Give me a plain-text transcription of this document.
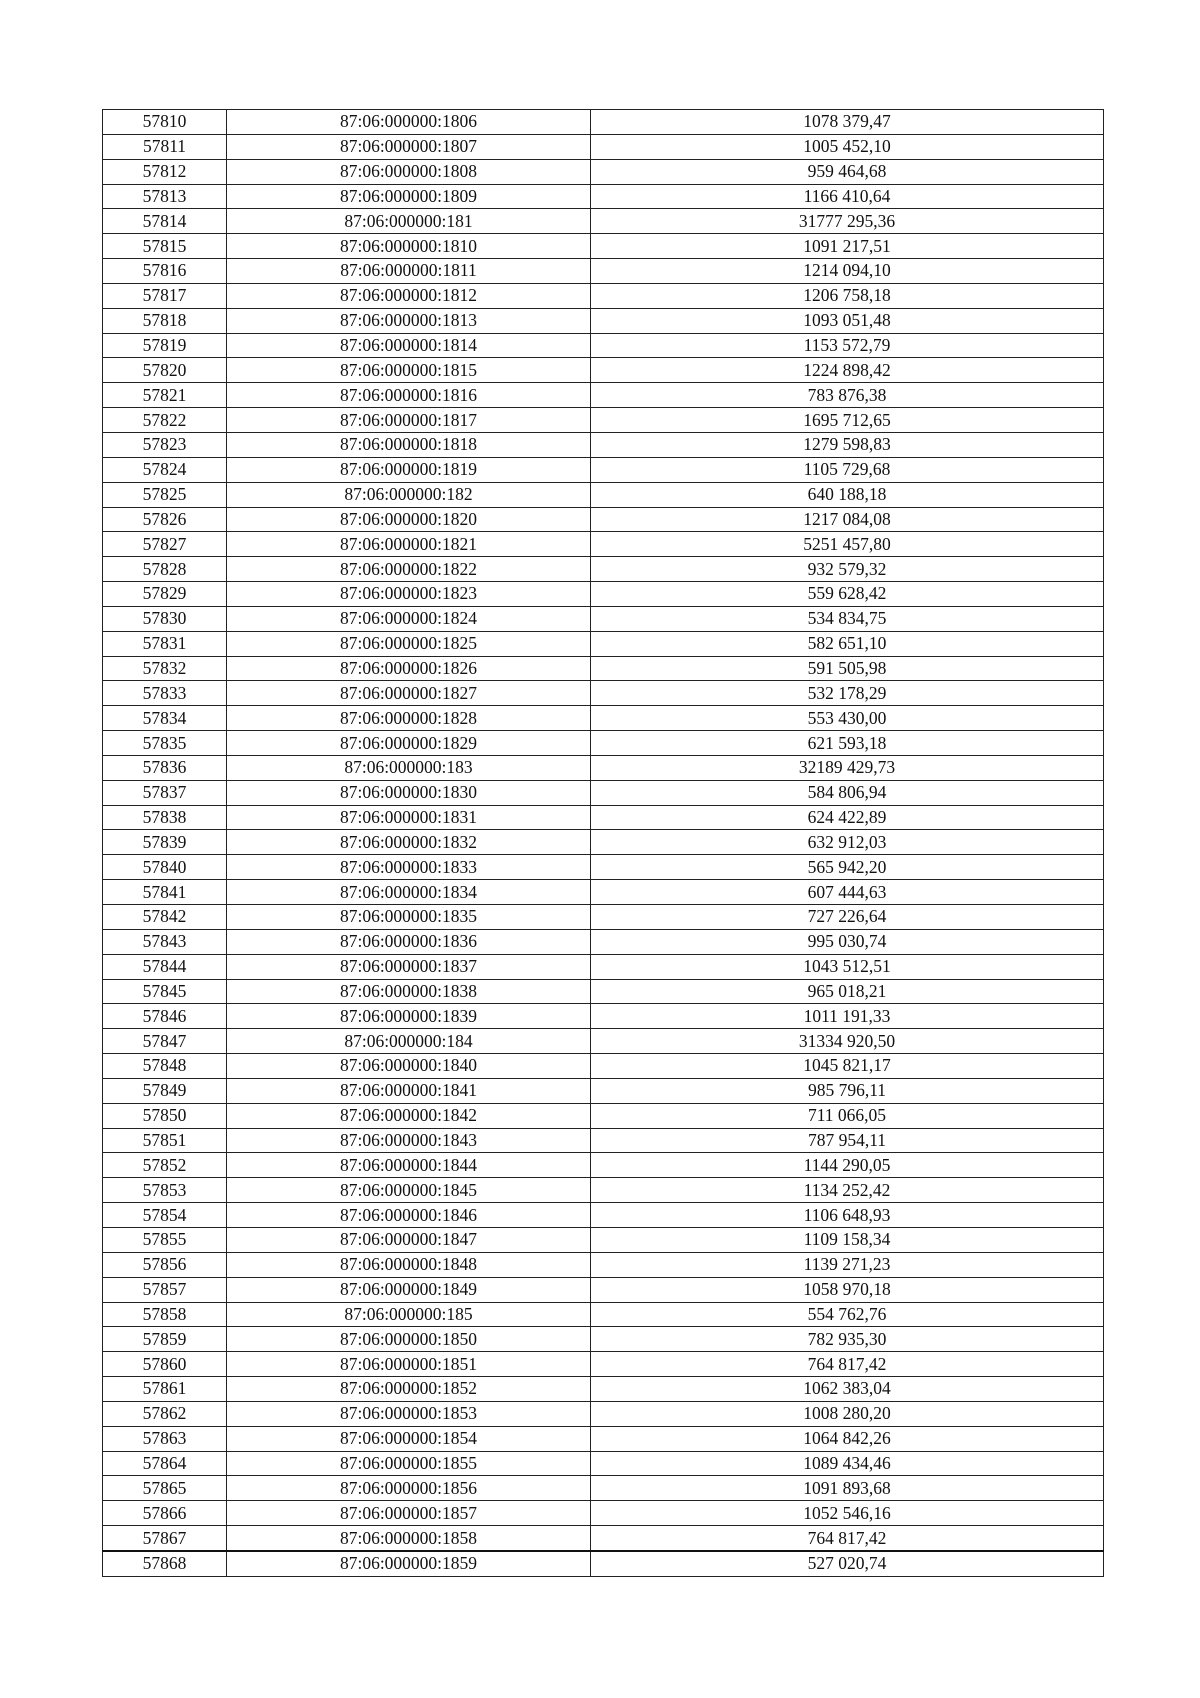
57810	87:06:000000:1806	1078 379,47
57811	87:06:000000:1807	1005 452,10
57812	87:06:000000:1808	959 464,68
57813	87:06:000000:1809	1166 410,64
57814	87:06:000000:181	31777 295,36
57815	87:06:000000:1810	1091 217,51
57816	87:06:000000:1811	1214 094,10
57817	87:06:000000:1812	1206 758,18
57818	87:06:000000:1813	1093 051,48
57819	87:06:000000:1814	1153 572,79
57820	87:06:000000:1815	1224 898,42
57821	87:06:000000:1816	783 876,38
57822	87:06:000000:1817	1695 712,65
57823	87:06:000000:1818	1279 598,83
57824	87:06:000000:1819	1105 729,68
57825	87:06:000000:182	640 188,18
57826	87:06:000000:1820	1217 084,08
57827	87:06:000000:1821	5251 457,80
57828	87:06:000000:1822	932 579,32
57829	87:06:000000:1823	559 628,42
57830	87:06:000000:1824	534 834,75
57831	87:06:000000:1825	582 651,10
57832	87:06:000000:1826	591 505,98
57833	87:06:000000:1827	532 178,29
57834	87:06:000000:1828	553 430,00
57835	87:06:000000:1829	621 593,18
57836	87:06:000000:183	32189 429,73
57837	87:06:000000:1830	584 806,94
57838	87:06:000000:1831	624 422,89
57839	87:06:000000:1832	632 912,03
57840	87:06:000000:1833	565 942,20
57841	87:06:000000:1834	607 444,63
57842	87:06:000000:1835	727 226,64
57843	87:06:000000:1836	995 030,74
57844	87:06:000000:1837	1043 512,51
57845	87:06:000000:1838	965 018,21
57846	87:06:000000:1839	1011 191,33
57847	87:06:000000:184	31334 920,50
57848	87:06:000000:1840	1045 821,17
57849	87:06:000000:1841	985 796,11
57850	87:06:000000:1842	711 066,05
57851	87:06:000000:1843	787 954,11
57852	87:06:000000:1844	1144 290,05
57853	87:06:000000:1845	1134 252,42
57854	87:06:000000:1846	1106 648,93
57855	87:06:000000:1847	1109 158,34
57856	87:06:000000:1848	1139 271,23
57857	87:06:000000:1849	1058 970,18
57858	87:06:000000:185	554 762,76
57859	87:06:000000:1850	782 935,30
57860	87:06:000000:1851	764 817,42
57861	87:06:000000:1852	1062 383,04
57862	87:06:000000:1853	1008 280,20
57863	87:06:000000:1854	1064 842,26
57864	87:06:000000:1855	1089 434,46
57865	87:06:000000:1856	1091 893,68
57866	87:06:000000:1857	1052 546,16
57867	87:06:000000:1858	764 817,42
57868	87:06:000000:1859	527 020,74
